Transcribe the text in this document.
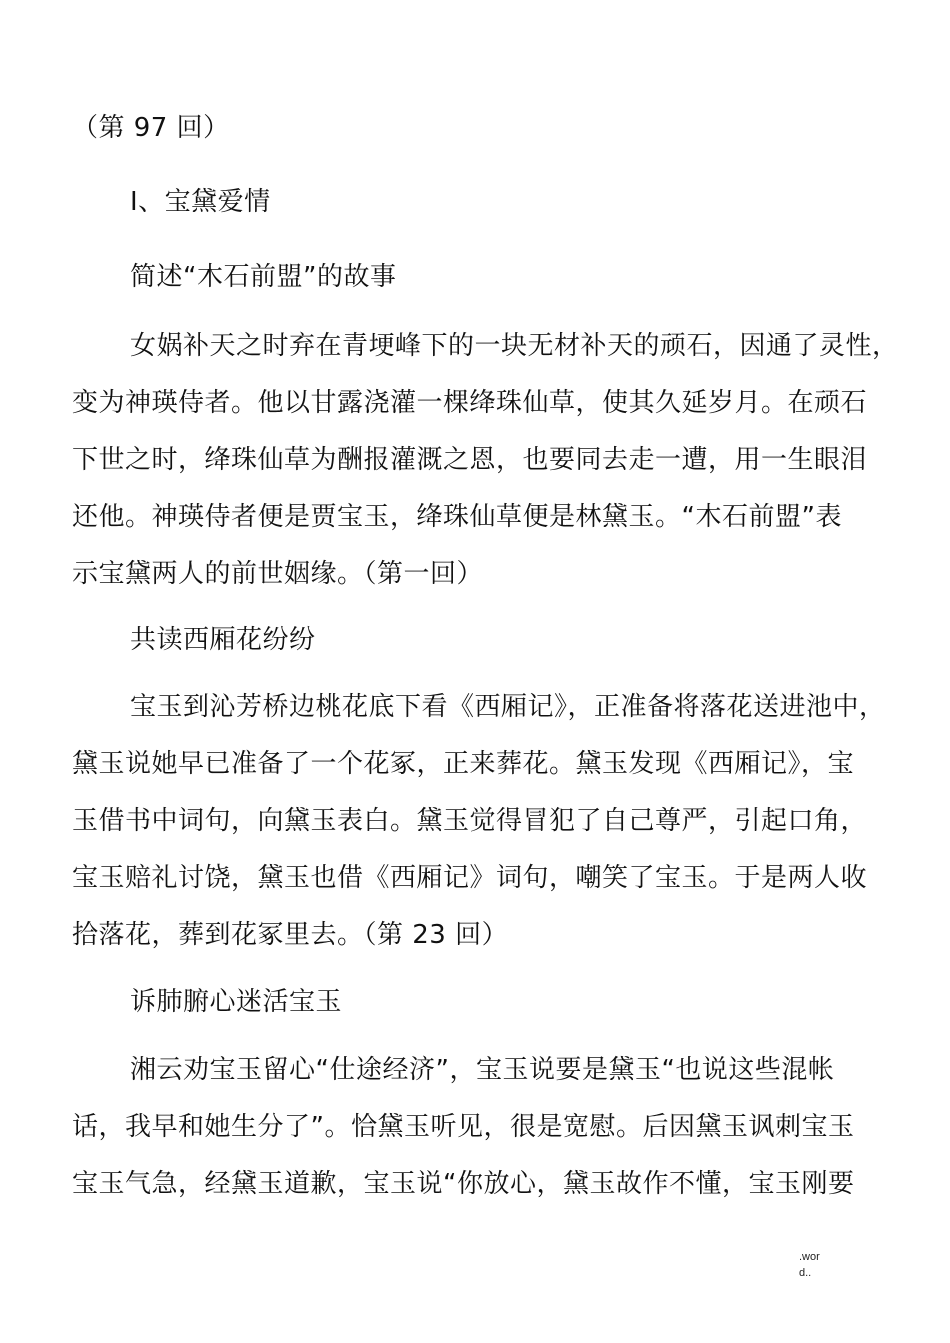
（第 97 回）
Ⅰ、宝黛爱情
简述“木石前盟”的故事
女娲补天之时弃在青埂峰下的一块无材补天的顽石，因通了灵性，
变为神瑛侍者。他以甘露浇灌一棵绛珠仙草，使其久延岁月。在顽石
下世之时，绛珠仙草为酬报灌溉之恩，也要同去走一遭，用一生眼泪
还他。神瑛侍者便是贾宝玉，绛珠仙草便是林黛玉。“木石前盟”表
示宝黛两人的前世姻缘。（第一回）
共读西厢花纷纷
宝玉到沁芳桥边桃花底下看《西厢记》，正准备将落花送进池中，
黛玉说她早已准备了一个花冢，正来葬花。黛玉发现《西厢记》，宝
玉借书中词句，向黛玉表白。黛玉觉得冒犯了自己尊严，引起口角，
宝玉赔礼讨饶，黛玉也借《西厢记》词句，嘲笑了宝玉。于是两人收
拾落花，葬到花冢里去。（第 23 回）
诉肺腑心迷活宝玉
湘云劝宝玉留心“仕途经济”，宝玉说要是黛玉“也说这些混帐
话，我早和她生分了”。恰黛玉听见，很是宽慰。后因黛玉讽刺宝玉
宝玉气急，经黛玉道歉，宝玉说“你放心，黛玉故作不懂，宝玉刚要
.wor
d..
